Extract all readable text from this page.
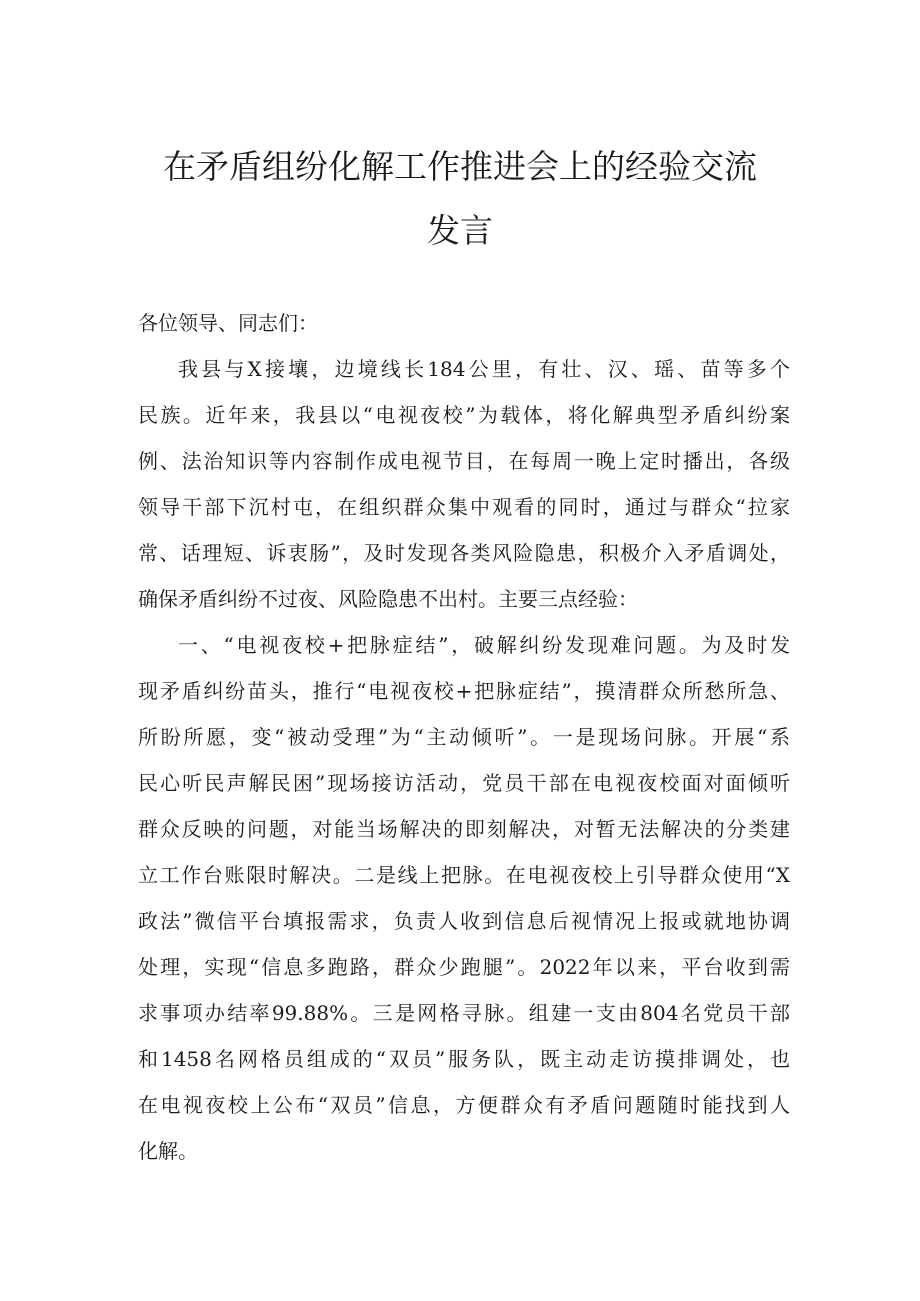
在矛盾组纷化解工作推进会上的经验交流
发言
各位领导、同志们：
我县与X接壤，边境线长184公里，有壮、汉、瑶、苗等多个
民族。近年来，我县以“电视夜校”为载体，将化解典型矛盾纠纷案
例、法治知识等内容制作成电视节目，在每周一晚上定时播出，各级
领导干部下沉村屯，在组织群众集中观看的同时，通过与群众“拉家
常、话理短、诉衷肠”，及时发现各类风险隐患，积极介入矛盾调处，
确保矛盾纠纷不过夜、风险隐患不出村。主要三点经验：
一、“电视夜校+把脉症结”，破解纠纷发现难问题。为及时发
现矛盾纠纷苗头，推行“电视夜校+把脉症结”，摸清群众所愁所急、
所盼所愿，变“被动受理”为“主动倾听”。一是现场问脉。开展“系
民心听民声解民困”现场接访活动，党员干部在电视夜校面对面倾听
群众反映的问题，对能当场解决的即刻解决，对暂无法解决的分类建
立工作台账限时解决。二是线上把脉。在电视夜校上引导群众使用“X
政法”微信平台填报需求，负责人收到信息后视情况上报或就地协调
处理，实现“信息多跑路，群众少跑腿”。2022年以来，平台收到需
求事项办结率99.88%。三是网格寻脉。组建一支由804名党员干部
和1458名网格员组成的“双员”服务队，既主动走访摸排调处，也
在电视夜校上公布“双员”信息，方便群众有矛盾问题随时能找到人
化解。
